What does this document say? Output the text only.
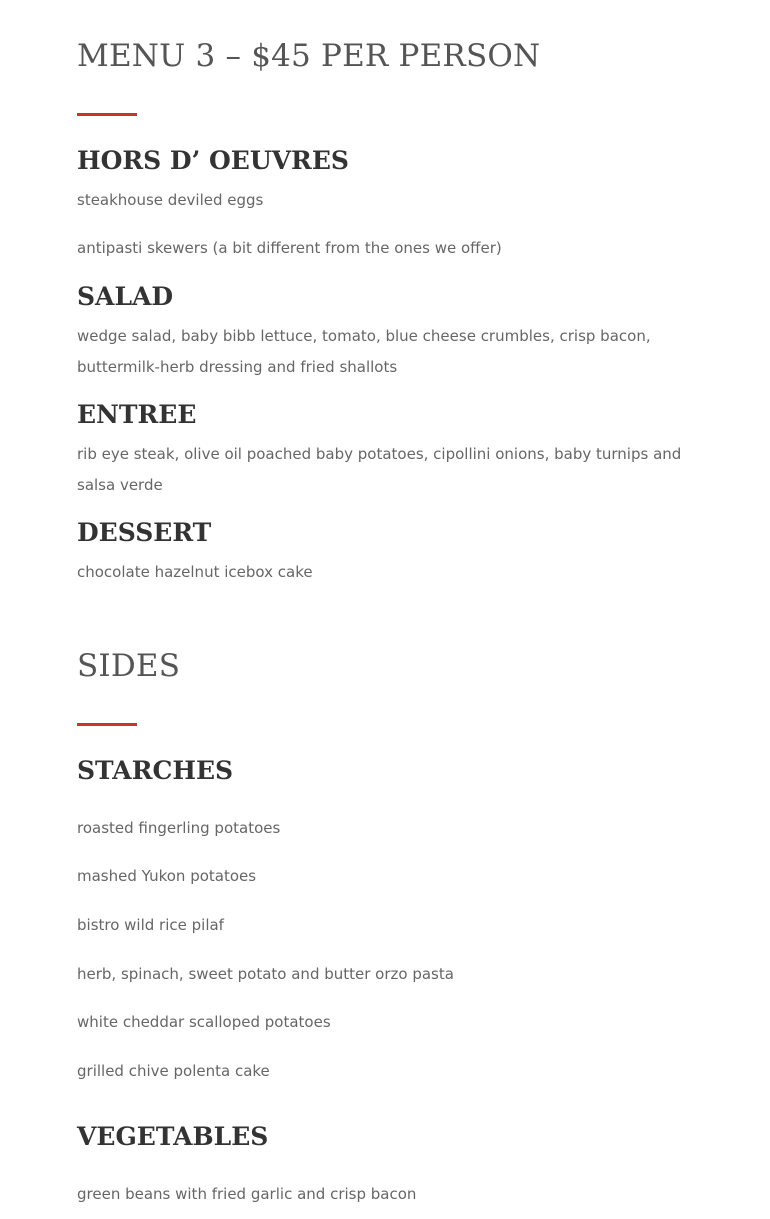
MENU 3 – $45 PER PERSON
HORS D’ OEUVRES

steakhouse deviled eggs

antipasti skewers (a bit different from the ones we offer)

SALAD

wedge salad, baby bibb lettuce, tomato, blue cheese crumbles, crisp bacon, buttermilk-herb dressing and fried shallots

ENTREE

rib eye steak, olive oil poached baby potatoes, cipollini onions, baby turnips and salsa verde

DESSERT

chocolate hazelnut icebox cake

SIDES
STARCHES

roasted fingerling potatoes

mashed Yukon potatoes

bistro wild rice pilaf

herb, spinach, sweet potato and butter orzo pasta

white cheddar scalloped potatoes

grilled chive polenta cake

VEGETABLES

green beans with fried garlic and crisp bacon
